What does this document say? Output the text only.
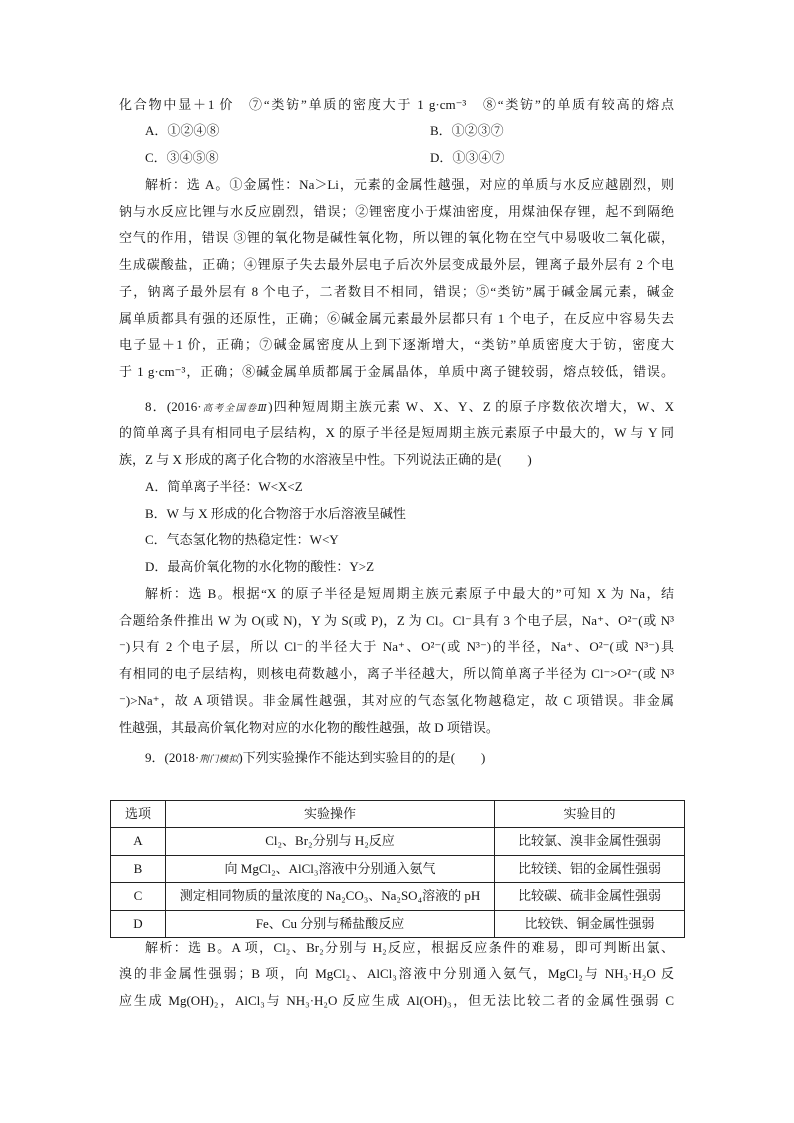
化合物中显＋1 价　⑦“类钫”单质的密度大于 1 g·cm⁻³　⑧“类钫”的单质有较高的熔点
A．①②④⑧	B．①②③⑦
C．③④⑤⑧	D．①③④⑦
解析：选 A。①金属性：Na＞Li，元素的金属性越强，对应的单质与水反应越剧烈，则
钠与水反应比锂与水反应剧烈，错误；②锂密度小于煤油密度，用煤油保存锂，起不到隔绝
空气的作用，错误 ③锂的氧化物是碱性氧化物，所以锂的氧化物在空气中易吸收二氧化碳，
生成碳酸盐，正确；④锂原子失去最外层电子后次外层变成最外层，锂离子最外层有 2 个电
子，钠离子最外层有 8 个电子，二者数目不相同，错误；⑤“类钫”属于碱金属元素，碱金
属单质都具有强的还原性，正确；⑥碱金属元素最外层都只有 1 个电子，在反应中容易失去
电子显＋1 价，正确；⑦碱金属密度从上到下逐渐增大，“类钫”单质密度大于钫，密度大
于 1 g·cm⁻³，正确；⑧碱金属单质都属于金属晶体，单质中离子键较弱，熔点较低，错误。
8．(2016·高考全国卷Ⅲ)四种短周期主族元素 W、X、Y、Z 的原子序数依次增大，W、X
的简单离子具有相同电子层结构，X 的原子半径是短周期主族元素原子中最大的，W 与 Y 同
族，Z 与 X 形成的离子化合物的水溶液呈中性。下列说法正确的是(　　)
A．简单离子半径：W<X<Z
B．W 与 X 形成的化合物溶于水后溶液呈碱性
C．气态氢化物的热稳定性：W<Y
D．最高价氧化物的水化物的酸性：Y>Z
解析：选 B。根据“X 的原子半径是短周期主族元素原子中最大的”可知 X 为 Na，结
合题给条件推出 W 为 O(或 N)，Y 为 S(或 P)，Z 为 Cl。Cl⁻具有 3 个电子层，Na⁺、O²⁻(或 N³
⁻)只有 2 个电子层，所以 Cl⁻的半径大于 Na⁺、O²⁻(或 N³⁻)的半径，Na⁺、O²⁻(或 N³⁻)具
有相同的电子层结构，则核电荷数越小，离子半径越大，所以简单离子半径为 Cl⁻>O²⁻(或 N³
⁻)>Na⁺，故 A 项错误。非金属性越强，其对应的气态氢化物越稳定，故 C 项错误。非金属
性越强，其最高价氧化物对应的水化物的酸性越强，故 D 项错误。
9．(2018·荆门模拟)下列实验操作不能达到实验目的的是(　　)
选项	实验操作	实验目的
A	Cl₂、Br₂分别与 H₂反应	比较氯、溴非金属性强弱
B	向 MgCl₂、AlCl₃溶液中分别通入氨气	比较镁、铝的金属性强弱
C	测定相同物质的量浓度的 Na₂CO₃、Na₂SO₄溶液的 pH	比较碳、硫非金属性强弱
D	Fe、Cu 分别与稀盐酸反应	比较铁、铜金属性强弱
解析：选 B。A 项，Cl₂、Br₂分别与 H₂反应，根据反应条件的难易，即可判断出氯、
溴的非金属性强弱；B 项，向 MgCl₂、AlCl₃溶液中分别通入氨气，MgCl₂与 NH₃·H₂O 反
应生成 Mg(OH)₂，AlCl₃与 NH₃·H₂O 反应生成 Al(OH)₃，但无法比较二者的金属性强弱 C
